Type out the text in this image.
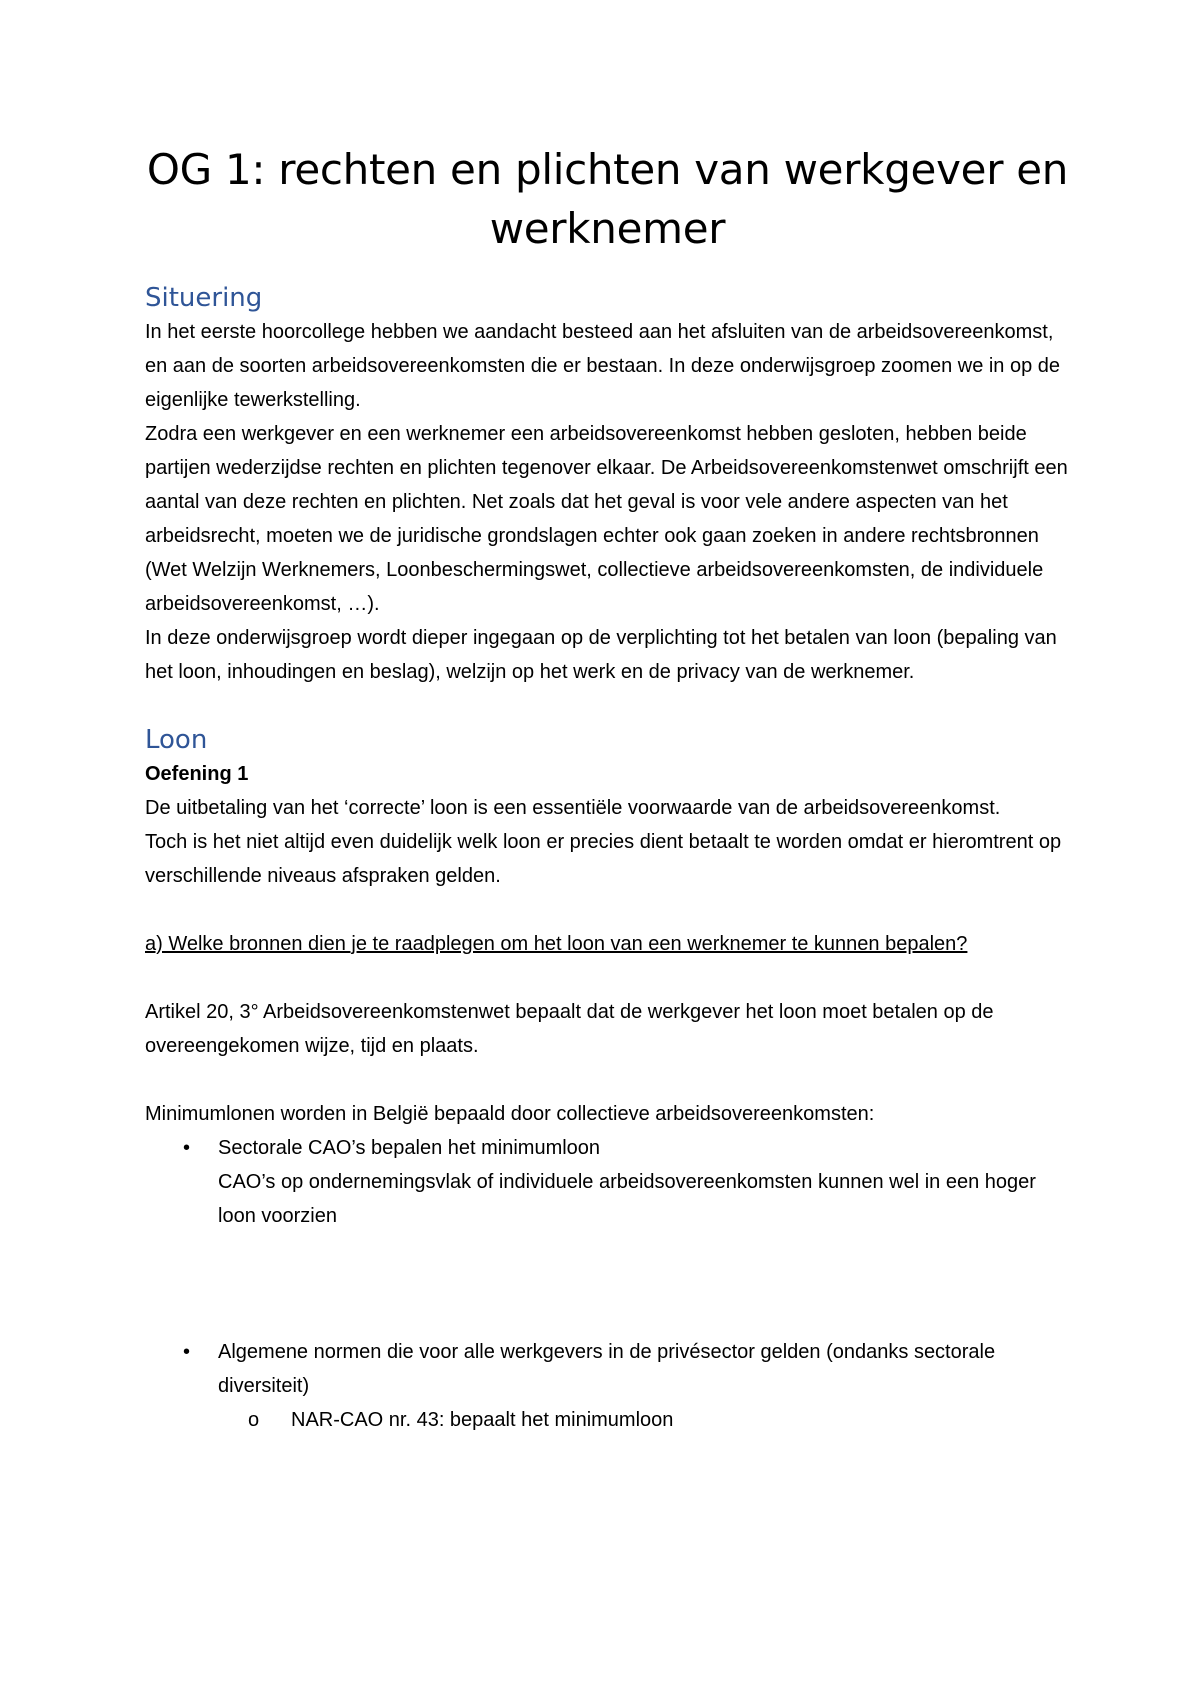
OG 1: rechten en plichten van werkgever en werknemer
Situering

In het eerste hoorcollege hebben we aandacht besteed aan het afsluiten van de arbeidsovereenkomst, en aan de soorten arbeidsovereenkomsten die er bestaan. In deze onderwijsgroep zoomen we in op de eigenlijke tewerkstelling.

Zodra een werkgever en een werknemer een arbeidsovereenkomst hebben gesloten, hebben beide partijen wederzijdse rechten en plichten tegenover elkaar. De Arbeidsovereenkomstenwet omschrijft een aantal van deze rechten en plichten. Net zoals dat het geval is voor vele andere aspecten van het arbeidsrecht, moeten we de juridische grondslagen echter ook gaan zoeken in andere rechtsbronnen (Wet Welzijn Werknemers, Loonbeschermingswet, collectieve arbeidsovereenkomsten, de individuele arbeidsovereenkomst, …).

In deze onderwijsgroep wordt dieper ingegaan op de verplichting tot het betalen van loon (bepaling van het loon, inhoudingen en beslag), welzijn op het werk en de privacy van de werknemer.

Loon

Oefening 1

De uitbetaling van het ‘correcte’ loon is een essentiële voorwaarde van de arbeidsovereenkomst.

Toch is het niet altijd even duidelijk welk loon er precies dient betaalt te worden omdat er hieromtrent op verschillende niveaus afspraken gelden.

a) Welke bronnen dien je te raadplegen om het loon van een werknemer te kunnen bepalen?

Artikel 20, 3° Arbeidsovereenkomstenwet bepaalt dat de werkgever het loon moet betalen op de overeengekomen wijze, tijd en plaats.

Minimumlonen worden in België bepaald door collectieve arbeidsovereenkomsten:

• Sectorale CAO’s bepalen het minimumloon
CAO’s op ondernemingsvlak of individuele arbeidsovereenkomsten kunnen wel in een hoger loon voorzien
• Algemene normen die voor alle werkgevers in de privésector gelden (ondanks sectorale diversiteit)
o NAR-CAO nr. 43: bepaalt het minimumloon
